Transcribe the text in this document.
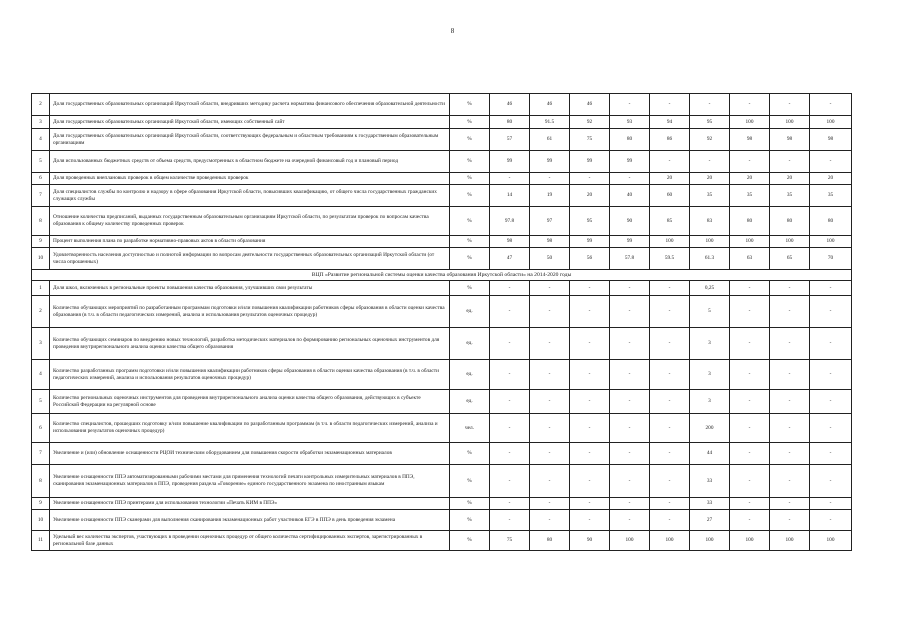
8
2	Доля государственных образовательных организаций Иркутской области, внедривших методику расчета норматива финансового обеспечения образовательной деятельности	%	46	46	46	-	-	-	-	-	-
3	Доля государственных образовательных организаций Иркутской области, имеющих собственный сайт	%	80	91.5	92	93	94	95	100	100	100
4	Доля государственных образовательных организаций Иркутской области, соответствующих федеральным и областным требованиям к государственным образовательным организациям	%	57	61	75	80	86	92	98	98	98
5	Доля использованных бюджетных средств от объема средств, предусмотренных в областном бюджете на очередной финансовый год и плановый период	%	99	99	99	99	-	-	-	-	-
6	Доля проведенных внеплановых проверок в общем количестве проведенных проверок	%	-	-	-	-	20	20	20	20	20
7	Доля специалистов службы по контролю и надзору в сфере образования Иркутской области, повысивших квалификацию, от общего числа государственных гражданских служащих службы	%	14	19	20	40	60	35	35	35	35
8	Отношение количества предписаний, выданных государственным образовательным организациям Иркутской области, по результатам проверок по вопросам качества образования к общему количеству проведенных проверок	%	97.8	97	95	90	85	83	80	80	80
9	Процент выполнения плана по разработке нормативно-правовых актов в области образования	%	98	98	99	99	100	100	100	100	100
10	Удовлетворенность населения доступностью и полнотой информации по вопросам деятельности государственных образовательных организаций Иркутской области (от числа опрошенных)	%	47	50	56	57.8	59.5	61.3	63	65	70
ВЦП «Развитие региональной системы оценки качества образования Иркутской области» на 2014-2020 годы											
1	Доля школ, включенных в региональные проекты повышения качества образования, улучшивших свои результаты	%	-	-	-	-	-	0,25	-	-	-
2	Количество обучающих мероприятий по разработанным программам подготовки и/или повышения квалификации работников сферы образования в области оценки качества образования (в т.ч. в области педагогических измерений, анализа и использования результатов оценочных процедур)	ед.	-	-	-	-	-	5	-	-	-
3	Количество обучающих семинаров по внедрению новых технологий, разработка методических материалов по формированию региональных оценочных инструментов для проведения внутрирегионального анализа оценки качества общего образования	ед.	-	-	-	-	-	3	-	-	-
4	Количество разработанных программ подготовки и/или повышения квалификации работников сферы образования в области оценки качества образования (в т.ч. в области педагогических измерений, анализа и использования результатов оценочных процедур)	ед.	-	-	-	-	-	3	-	-	-
5	Количество региональных оценочных инструментов для проведения внутрирегионального анализа оценки качества общего образования, действующих в субъекте Российской Федерации на регулярной основе	ед.	-	-	-	-	-	3	-	-	-
6	Количество специалистов, прошедших подготовку и/или повышение квалификации по разработанным программам (в т.ч. в области педагогических измерений, анализа и использования результатов оценочных процедур)	чел.	-	-	-	-	-	200	-	-	-
7	Увеличение и (или) обновление оснащенности РЦОИ техническим оборудованием для повышения скорости обработки экзаменационных материалов	%	-	-	-	-	-	44	-	-	-
8	Увеличение оснащенности ППЭ автоматизированными рабочими местами для применения технологий печати контрольных измерительных материалов в ППЭ, сканирования экзаменационных материалов в ППЭ, проведения раздела «Говорение» единого государственного экзамена по иностранным языкам	%	-	-	-	-	-	33	-	-	-
9	Увеличение оснащенности ППЭ принтерами для использования технологии «Печать КИМ в ППЭ»	%	-	-	-	-	-	33	-	-	-
10	Увеличение оснащенности ППЭ сканерами для выполнения сканирования экзаменационных работ участников ЕГЭ в ППЭ в день проведения экзамена	%	-	-	-	-	-	27	-	-	-
11	Удельный вес количества экспертов, участвующих в проведении оценочных процедур от общего количества сертифицированных экспертов, зарегистрированных в региональной базе данных	%	75	80	90	100	100	100	100	100	100
